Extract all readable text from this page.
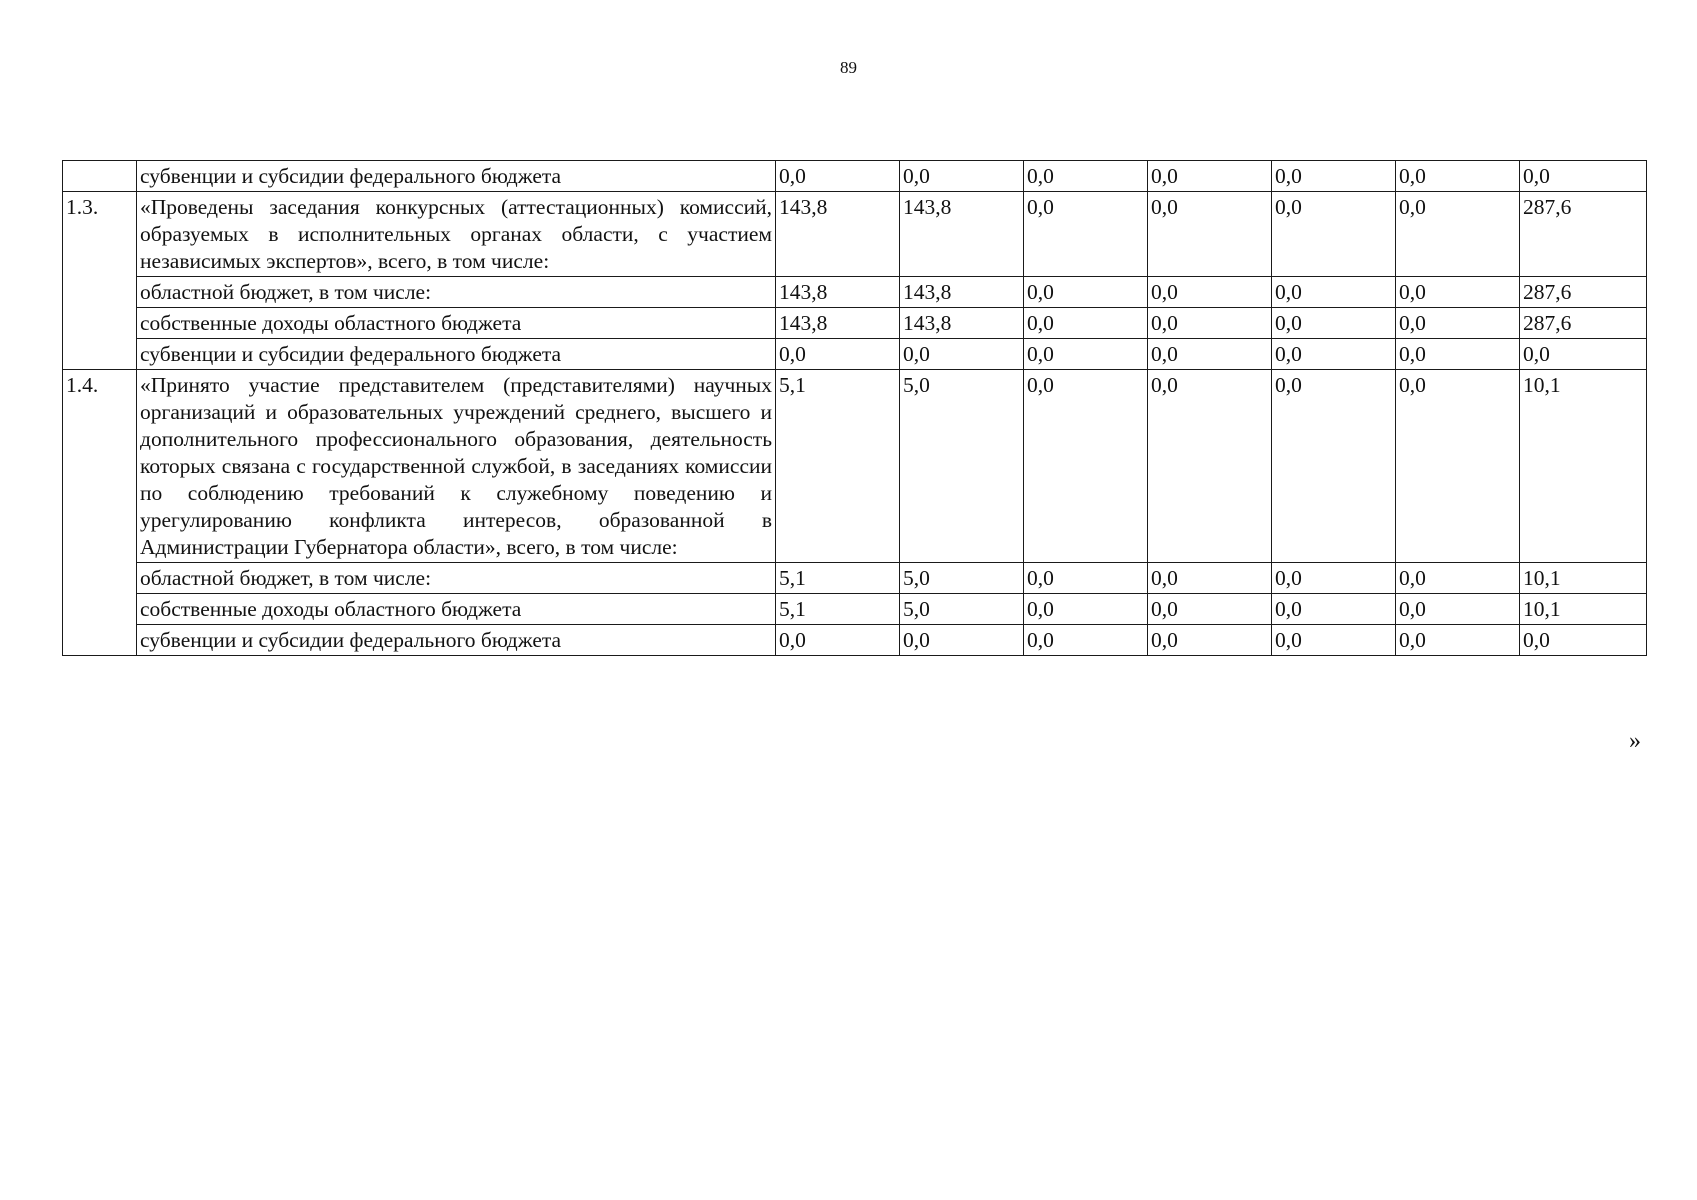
89
	субвенции и субсидии федерального бюджета	0,0	0,0	0,0	0,0	0,0	0,0	0,0
1.3.	«Проведены заседания конкурсных (аттестационных) комиссий, образуемых в исполнительных органах области, с участием независимых экспертов», всего, в том числе:	143,8	143,8	0,0	0,0	0,0	0,0	287,6
	областной бюджет, в том числе:	143,8	143,8	0,0	0,0	0,0	0,0	287,6
	собственные доходы областного бюджета	143,8	143,8	0,0	0,0	0,0	0,0	287,6
	субвенции и субсидии федерального бюджета	0,0	0,0	0,0	0,0	0,0	0,0	0,0
1.4.	«Принято участие представителем (представителями) научных организаций и образовательных учреждений среднего, высшего и дополнительного профессионального образования, деятельность которых связана с государственной службой, в заседаниях комиссии по соблюдению требований к служебному поведению и урегулированию конфликта интересов, образованной в Администрации Губернатора области», всего, в том числе:	5,1	5,0	0,0	0,0	0,0	0,0	10,1
	областной бюджет, в том числе:	5,1	5,0	0,0	0,0	0,0	0,0	10,1
	собственные доходы областного бюджета	5,1	5,0	0,0	0,0	0,0	0,0	10,1
	субвенции и субсидии федерального бюджета	0,0	0,0	0,0	0,0	0,0	0,0	0,0
»
